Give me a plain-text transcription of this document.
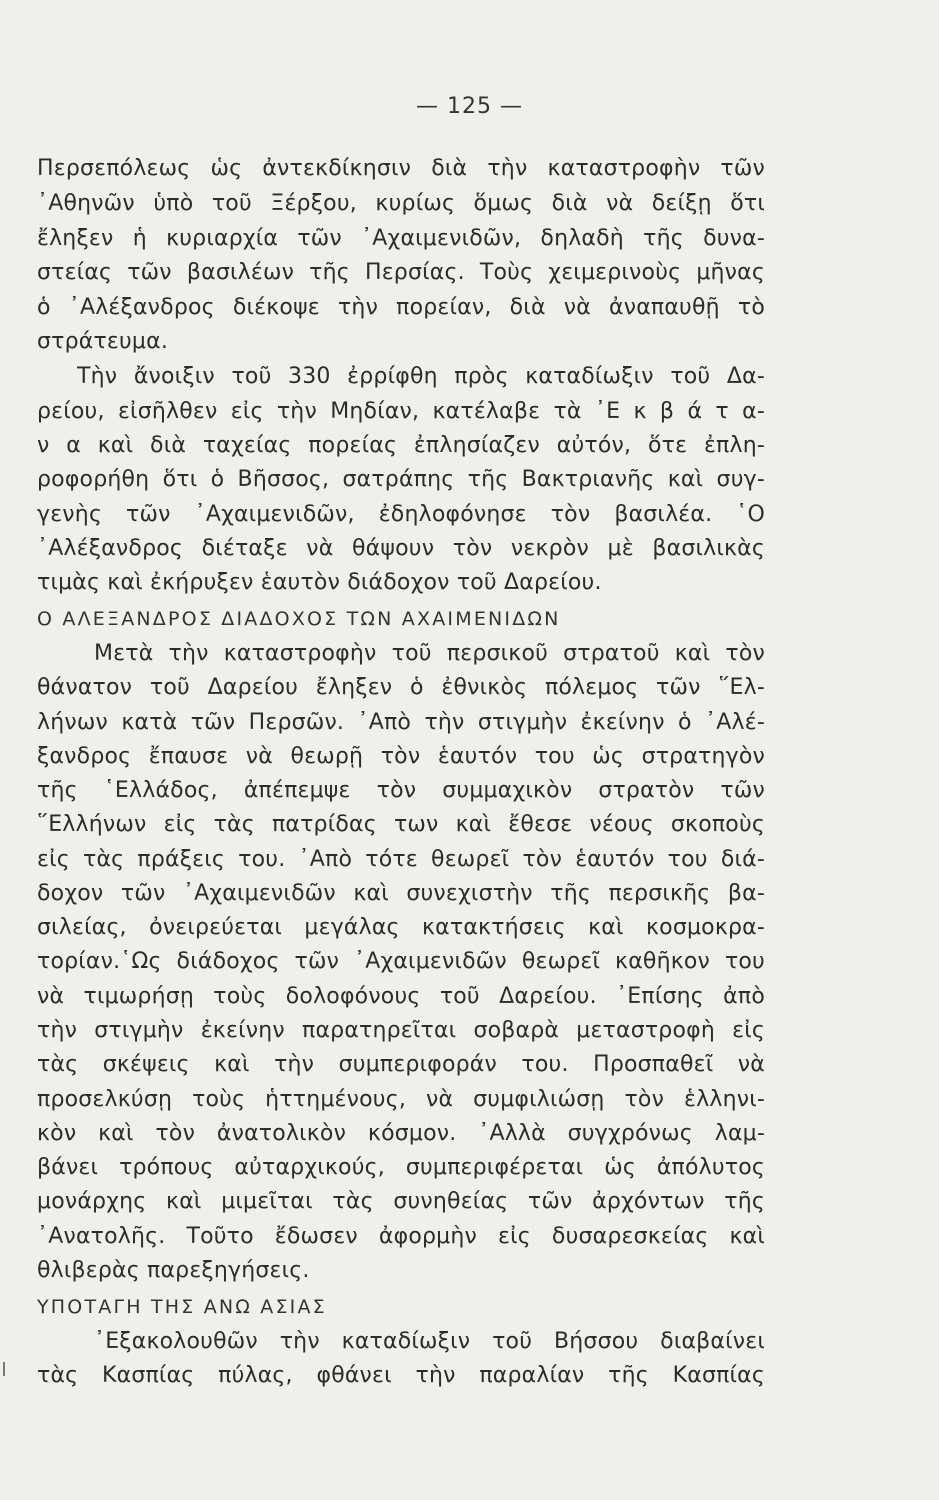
— 125 —
Περσεπόλεως ὡς ἀντεκδίκησιν διὰ τὴν καταστροφὴν τῶν
᾿Αθηνῶν ὑπὸ τοῦ Ξέρξου, κυρίως ὅμως διὰ νὰ δείξῃ ὅτι
ἔληξεν ἡ κυριαρχία τῶν ᾿Αχαιμενιδῶν, δηλαδὴ τῆς δυνα-
στείας τῶν βασιλέων τῆς Περσίας. Τοὺς χειμερινοὺς μῆνας
ὁ ᾿Αλέξανδρος διέκοψε τὴν πορείαν, διὰ νὰ ἀναπαυθῇ τὸ
στράτευμα.
Τὴν ἄνοιξιν τοῦ 330 ἐρρίφθη πρὸς καταδίωξιν τοῦ Δα-
ρείου, εἰσῆλθεν εἰς τὴν Μηδίαν, κατέλαβε τὰ ᾿Ε κ β ά τ α-
ν α καὶ διὰ ταχείας πορείας ἐπλησίαζεν αὐτόν, ὅτε ἐπλη-
ροφορήθη ὅτι ὁ Βῆσσος, σατράπης τῆς Βακτριανῆς καὶ συγ-
γενὴς τῶν ᾿Αχαιμενιδῶν, ἐδηλοφόνησε τὸν βασιλέα. ῾Ο
᾿Αλέξανδρος διέταξε νὰ θάψουν τὸν νεκρὸν μὲ βασιλικὰς
τιμὰς καὶ ἐκήρυξεν ἑαυτὸν διάδοχον τοῦ Δαρείου.
Ο ΑΛΕΞΑΝΔΡΟΣ ΔΙΑΔΟΧΟΣ ΤΩΝ ΑΧΑΙΜΕΝΙΔΩΝ
Μετὰ τὴν καταστροφὴν τοῦ περσικοῦ στρατοῦ καὶ τὸν
θάνατον τοῦ Δαρείου ἔληξεν ὁ ἐθνικὸς πόλεμος τῶν ῞Ελ-
λήνων κατὰ τῶν Περσῶν. ᾿Απὸ τὴν στιγμὴν ἐκείνην ὁ ᾿Αλέ-
ξανδρος ἔπαυσε νὰ θεωρῇ τὸν ἑαυτόν του ὡς στρατηγὸν
τῆς ῾Ελλάδος, ἀπέπεμψε τὸν συμμαχικὸν στρατὸν τῶν
῞Ελλήνων εἰς τὰς πατρίδας των καὶ ἔθεσε νέους σκοποὺς
εἰς τὰς πράξεις του. ᾿Απὸ τότε θεωρεῖ τὸν ἑαυτόν του διά-
δοχον τῶν ᾿Αχαιμενιδῶν καὶ συνεχιστὴν τῆς περσικῆς βα-
σιλείας, ὀνειρεύεται μεγάλας κατακτήσεις καὶ κοσμοκρα-
τορίαν.῾Ως διάδοχος τῶν ᾿Αχαιμενιδῶν θεωρεῖ καθῆκον του
νὰ τιμωρήσῃ τοὺς δολοφόνους τοῦ Δαρείου. ᾿Επίσης ἀπὸ
τὴν στιγμὴν ἐκείνην παρατηρεῖται σοβαρὰ μεταστροφὴ εἰς
τὰς σκέψεις καὶ τὴν συμπεριφοράν του. Προσπαθεῖ νὰ
προσελκύσῃ τοὺς ἡττημένους, νὰ συμφιλιώσῃ τὸν ἑλληνι-
κὸν καὶ τὸν ἀνατολικὸν κόσμον. ᾿Αλλὰ συγχρόνως λαμ-
βάνει τρόπους αὐταρχικούς, συμπεριφέρεται ὡς ἀπόλυτος
μονάρχης καὶ μιμεῖται τὰς συνηθείας τῶν ἀρχόντων τῆς
᾿Ανατολῆς. Τοῦτο ἔδωσεν ἀφορμὴν εἰς δυσαρεσκείας καὶ
θλιβερὰς παρεξηγήσεις.
ΥΠΟΤΑΓΗ ΤΗΣ ΑΝΩ ΑΣΙΑΣ
᾿Εξακολουθῶν τὴν καταδίωξιν τοῦ Βήσσου διαβαίνει
τὰς Κασπίας πύλας, φθάνει τὴν παραλίαν τῆς Κασπίας
